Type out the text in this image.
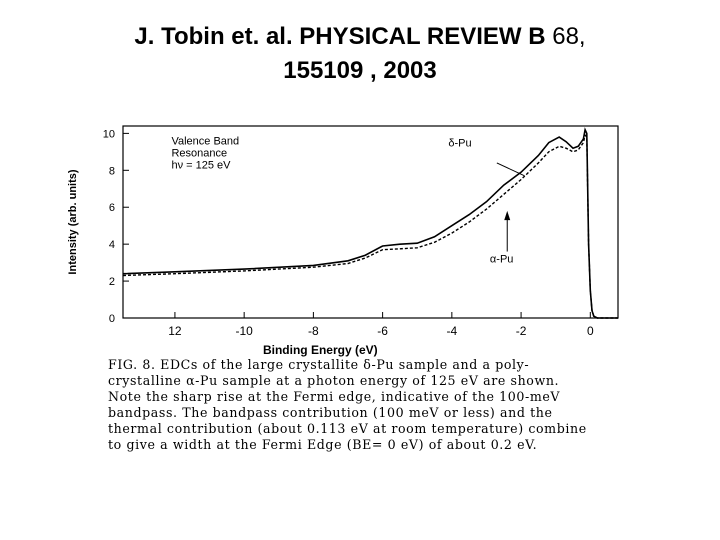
J. Tobin et. al. PHYSICAL REVIEW B 68,
155109 , 2003
12	-10	-8	-6	-4	-2	0
0
2
4
6
8
10
δ-Pu
α-Pu
Valence Band
Resonance
hν = 125 eV
Binding Energy (eV)
Intensity (arb. units)
FIG. 8. EDCs of the large crystallite δ-Pu sample and a poly-
crystalline α-Pu sample at a photon energy of 125 eV are shown.
Note the sharp rise at the Fermi edge, indicative of the 100-meV
bandpass. The bandpass contribution (100 meV or less) and the
thermal contribution (about 0.113 eV at room temperature) combine
to give a width at the Fermi Edge (BE= 0 eV) of about 0.2 eV.
